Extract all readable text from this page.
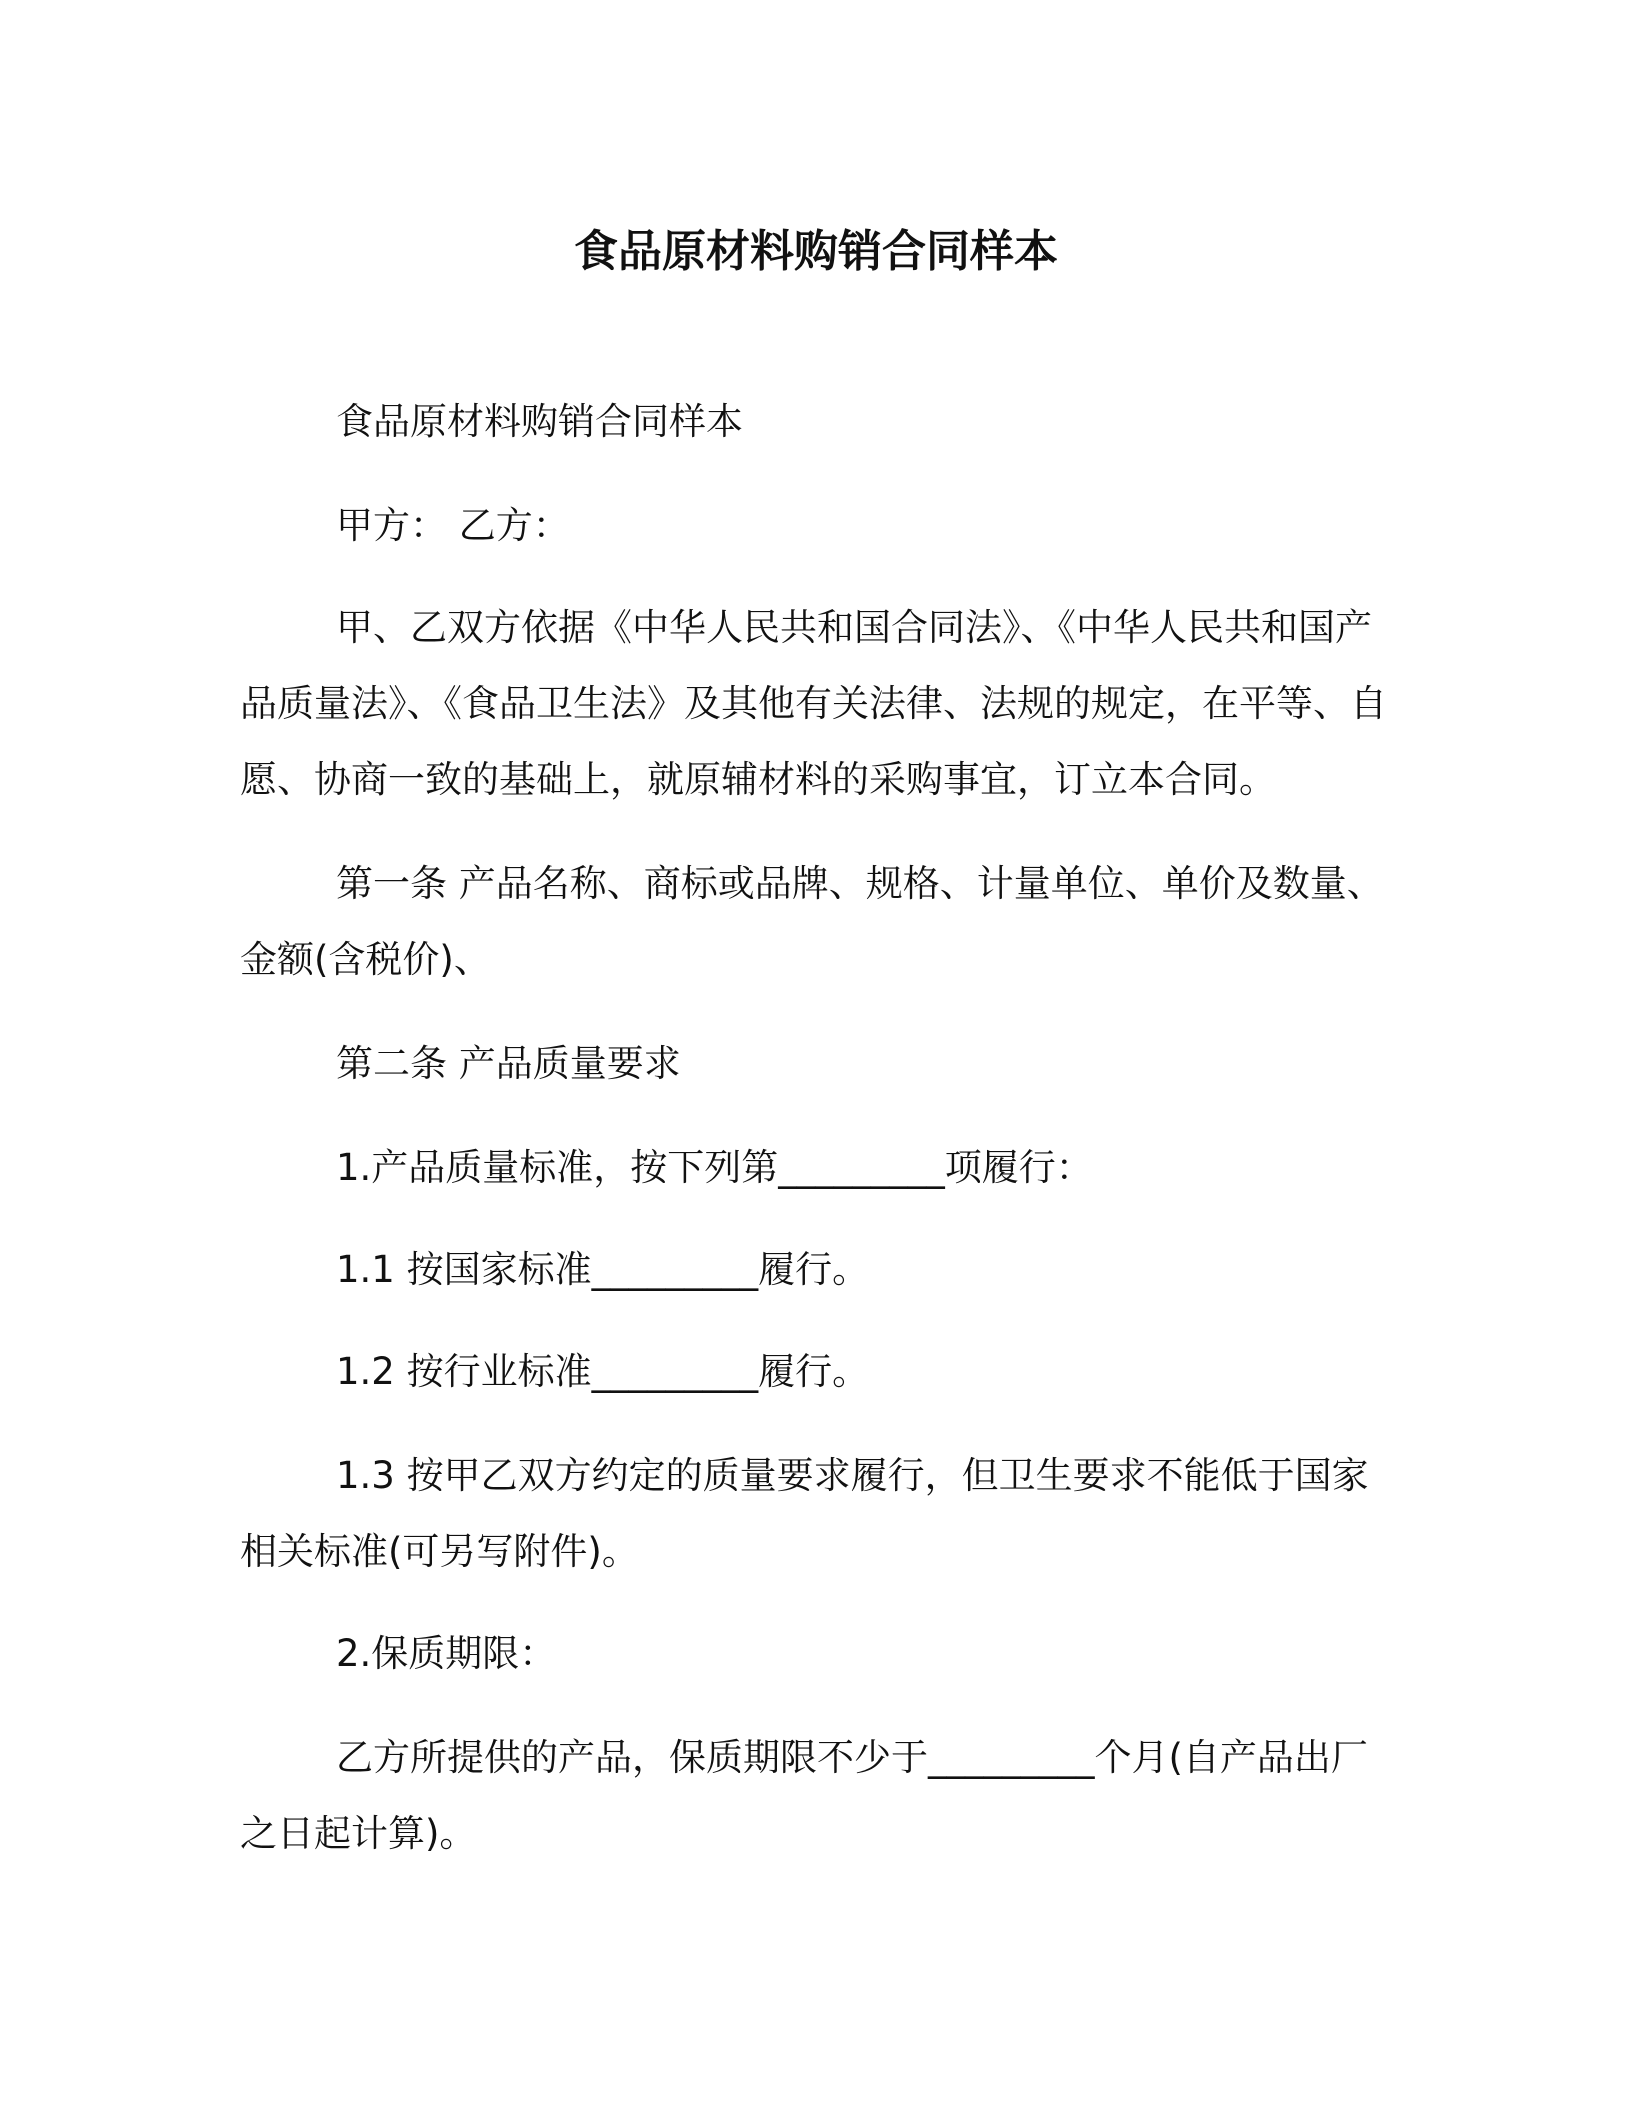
食品原材料购销合同样本

食品原材料购销合同样本

甲方： 乙方：

甲、乙双方依据《中华人民共和国合同法》、《中华人民共和国产品质量法》、《食品卫生法》及其他有关法律、法规的规定，在平等、自愿、协商一致的基础上，就原辅材料的采购事宜，订立本合同。

第一条 产品名称、商标或品牌、规格、计量单位、单价及数量、金额(含税价)、

第二条 产品质量要求

1.产品质量标准，按下列第_________项履行：

1.1 按国家标准_________履行。

1.2 按行业标准_________履行。

1.3 按甲乙双方约定的质量要求履行，但卫生要求不能低于国家相关标准(可另写附件)。

2.保质期限：

乙方所提供的产品，保质期限不少于_________个月(自产品出厂之日起计算)。
